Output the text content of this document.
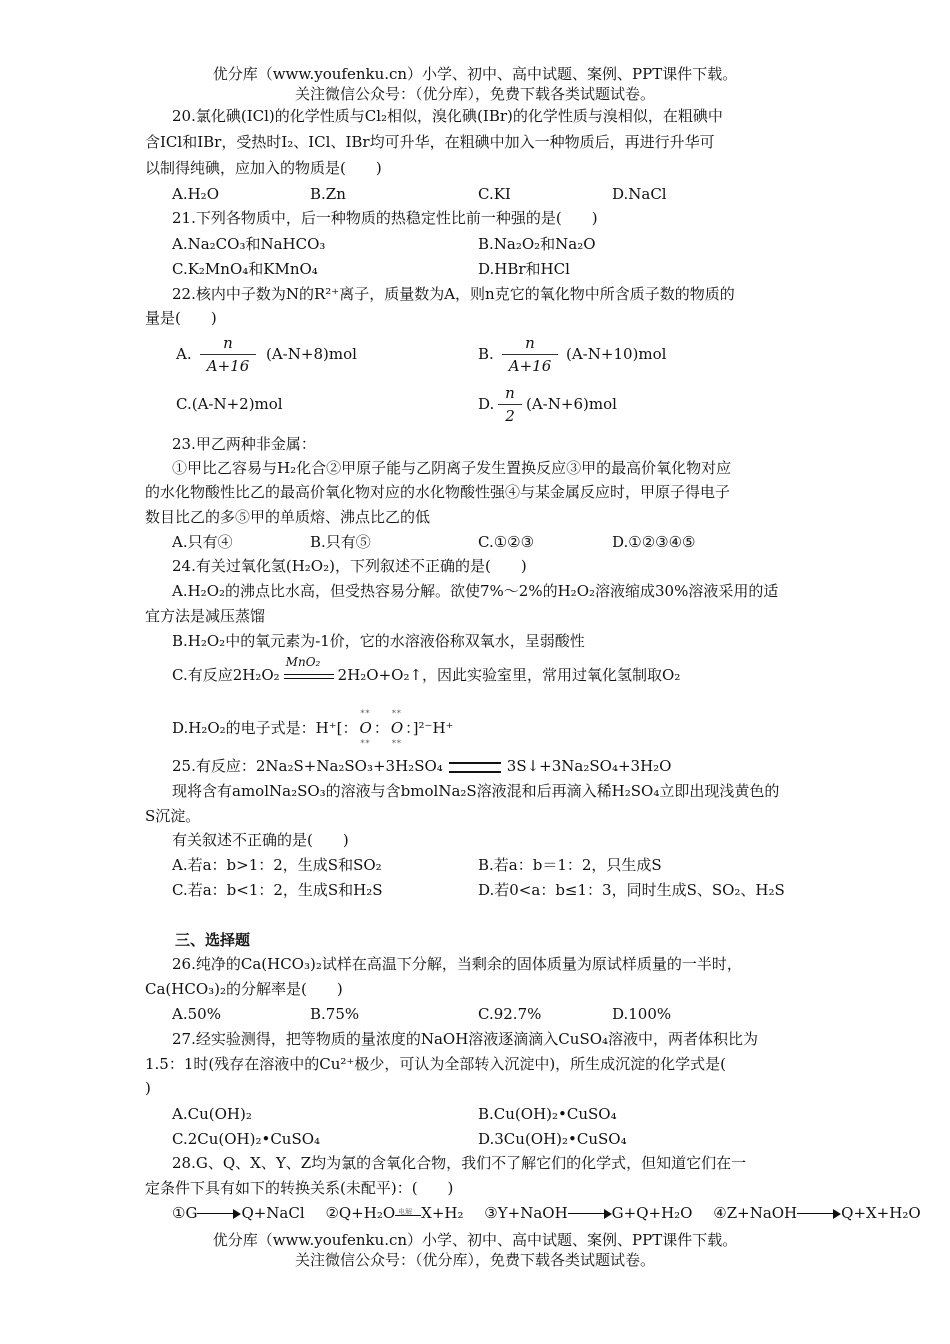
优分库（www.youfenku.cn）小学、初中、高中试题、案例、PPT课件下载。
关注微信公众号：（优分库），免费下载各类试题试卷。
20.氯化碘(ICl)的化学性质与Cl₂相似，溴化碘(IBr)的化学性质与溴相似，在粗碘中
含ICl和IBr，受热时I₂、ICl、IBr均可升华，在粗碘中加入一种物质后，再进行升华可
以制得纯碘，应加入的物质是(　　)
A.H₂O	B.Zn	C.KI	D.NaCl
21.下列各物质中，后一种物质的热稳定性比前一种强的是(　　)
A.Na₂CO₃和NaHCO₃	B.Na₂O₂和Na₂O
C.K₂MnO₄和KMnO₄	D.HBr和HCl
22.核内中子数为N的R²⁺离子，质量数为A，则n克它的氧化物中所含质子数的物质的
量是(　　)
A. $\frac{n}{A+16} (A-N+8)mol$	B. $\frac{n}{A+16} (A-N+10)mol$
C.(A-N+2)mol	D. $\frac{n}{2} (A-N+6)mol$
23.甲乙两种非金属：
①甲比乙容易与H₂化合②甲原子能与乙阴离子发生置换反应③甲的最高价氧化物对应
的水化物酸性比乙的最高价氧化物对应的水化物酸性强④与某金属反应时，甲原子得电子
数目比乙的多⑤甲的单质熔、沸点比乙的低
A.只有④	B.只有⑤	C.①②③	D.①②③④⑤
24.有关过氧化氢(H₂O₂)，下列叙述不正确的是(　　)
A.H₂O₂的沸点比水高，但受热容易分解。欲使7%～2%的H₂O₂溶液缩成30%溶液采用的适
宜方法是减压蒸馏
B.H₂O₂中的氧元素为-1价，它的水溶液俗称双氧水，呈弱酸性
C.有反应2H₂O₂
MnO₂
2H₂O+O₂↑，因此实验室里，常用过氧化氢制取O₂
D.H₂O₂的电子式是：H⁺[：
**
O
**
：
**
O
**
：]²⁻H⁺
25.有反应：2Na₂S+Na₂SO₃+3H₂SO₄	3S↓+3Na₂SO₄+3H₂O
现将含有amolNa₂SO₃的溶液与含bmolNa₂S溶液混和后再滴入稀H₂SO₄立即出现浅黄色的
S沉淀。
有关叙述不正确的是(　　)
A.若a：b>1：2，生成S和SO₂	B.若a：b＝1：2，只生成S
C.若a：b<1：2，生成S和H₂S	D.若0<a：b≤1：3，同时生成S、SO₂、H₂S
三、选择题
26.纯净的Ca(HCO₃)₂试样在高温下分解，当剩余的固体质量为原试样质量的一半时，
Ca(HCO₃)₂的分解率是(　　)
A.50%	B.75%	C.92.7%	D.100%
27.经实验测得，把等物质的量浓度的NaOH溶液逐滴滴入CuSO₄溶液中，两者体积比为
1.5：1时(残存在溶液中的Cu²⁺极少，可认为全部转入沉淀中)，所生成沉淀的化学式是(
)
A.Cu(OH)₂	B.Cu(OH)₂•CuSO₄
C.2Cu(OH)₂•CuSO₄	D.3Cu(OH)₂•CuSO₄
28.G、Q、X、Y、Z均为氯的含氧化合物，我们不了解它们的化学式，但知道它们在一
定条件下具有如下的转换关系(未配平)：(　　)
①G	Q+NaCl ②Q+H₂O 电解 X+H₂ ③Y+NaOH	G+Q+H₂O ④Z+NaOH	Q+X+H₂O
优分库（www.youfenku.cn）小学、初中、高中试题、案例、PPT课件下载。
关注微信公众号：（优分库），免费下载各类试题试卷。
